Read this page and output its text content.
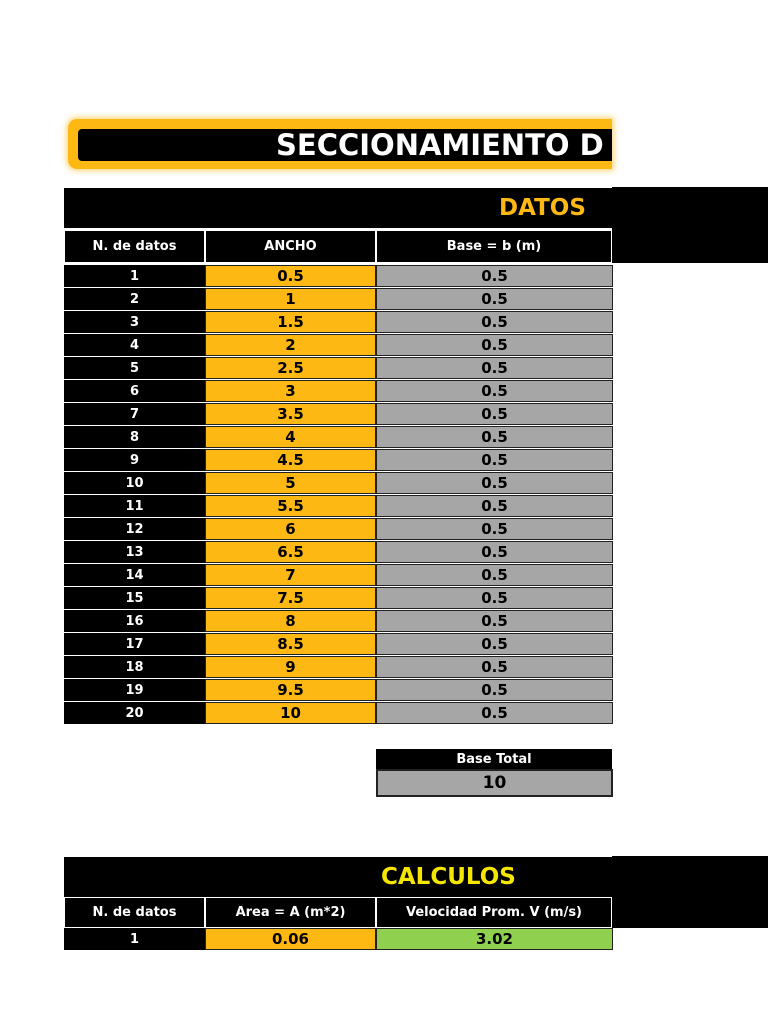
SECCIONAMIENTO D
DATOS
N. de datos	ANCHO	Base = b (m)
1	0.5	0.5
2	1	0.5
3	1.5	0.5
4	2	0.5
5	2.5	0.5
6	3	0.5
7	3.5	0.5
8	4	0.5
9	4.5	0.5
10	5	0.5
11	5.5	0.5
12	6	0.5
13	6.5	0.5
14	7	0.5
15	7.5	0.5
16	8	0.5
17	8.5	0.5
18	9	0.5
19	9.5	0.5
20	10	0.5
Base Total
10
CALCULOS
N. de datos	Area = A (m*2)	Velocidad Prom. V (m/s)
1	0.06	3.02
